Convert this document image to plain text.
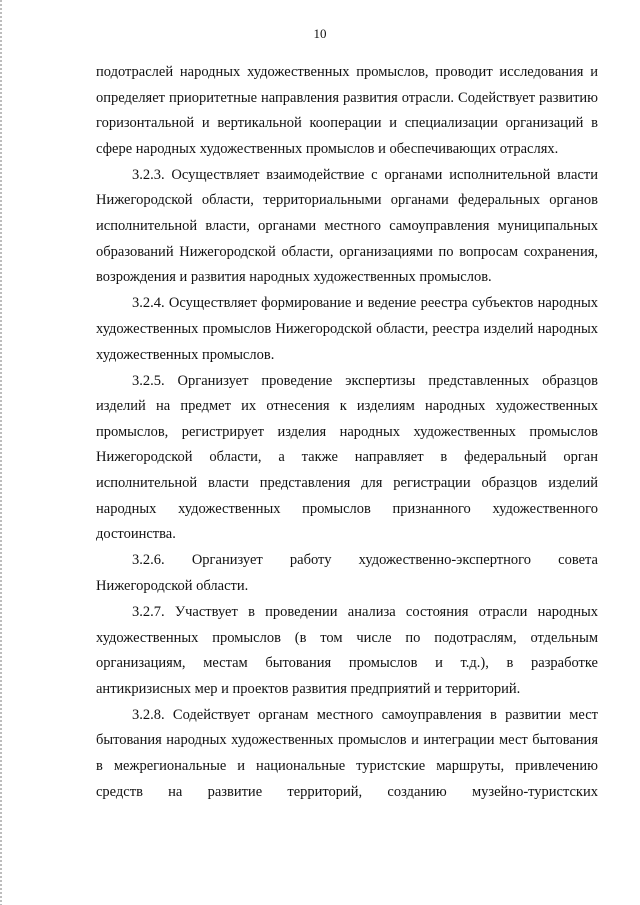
10

подотраслей народных художественных промыслов, проводит исследования и определяет приоритетные направления развития отрасли. Содействует развитию горизонтальной и вертикальной кооперации и специализации организаций в сфере народных художественных промыслов и обеспечивающих отраслях.

3.2.3. Осуществляет взаимодействие с органами исполнительной власти Нижегородской области, территориальными органами федеральных органов исполнительной власти, органами местного самоуправления муниципальных образований Нижегородской области, организациями по вопросам сохранения, возрождения и развития народных художественных промыслов.

3.2.4. Осуществляет формирование и ведение реестра субъектов народных художественных промыслов Нижегородской области, реестра изделий народных художественных промыслов.

3.2.5. Организует проведение экспертизы представленных образцов изделий на предмет их отнесения к изделиям народных художественных промыслов, регистрирует изделия народных художественных промыслов Нижегородской области, а также направляет в федеральный орган исполнительной власти представления для регистрации образцов изделий народных художественных промыслов признанного художественного достоинства.

3.2.6. Организует работу художественно-экспертного совета Нижегородской области.

3.2.7. Участвует в проведении анализа состояния отрасли народных художественных промыслов (в том числе по подотраслям, отдельным организациям, местам бытования промыслов и т.д.), в разработке антикризисных мер и проектов развития предприятий и территорий.

3.2.8. Содействует органам местного самоуправления в развитии мест бытования народных художественных промыслов и интеграции мест бытования в межрегиональные и национальные туристские маршруты, привлечению средств на развитие территорий, созданию музейно-туристских
